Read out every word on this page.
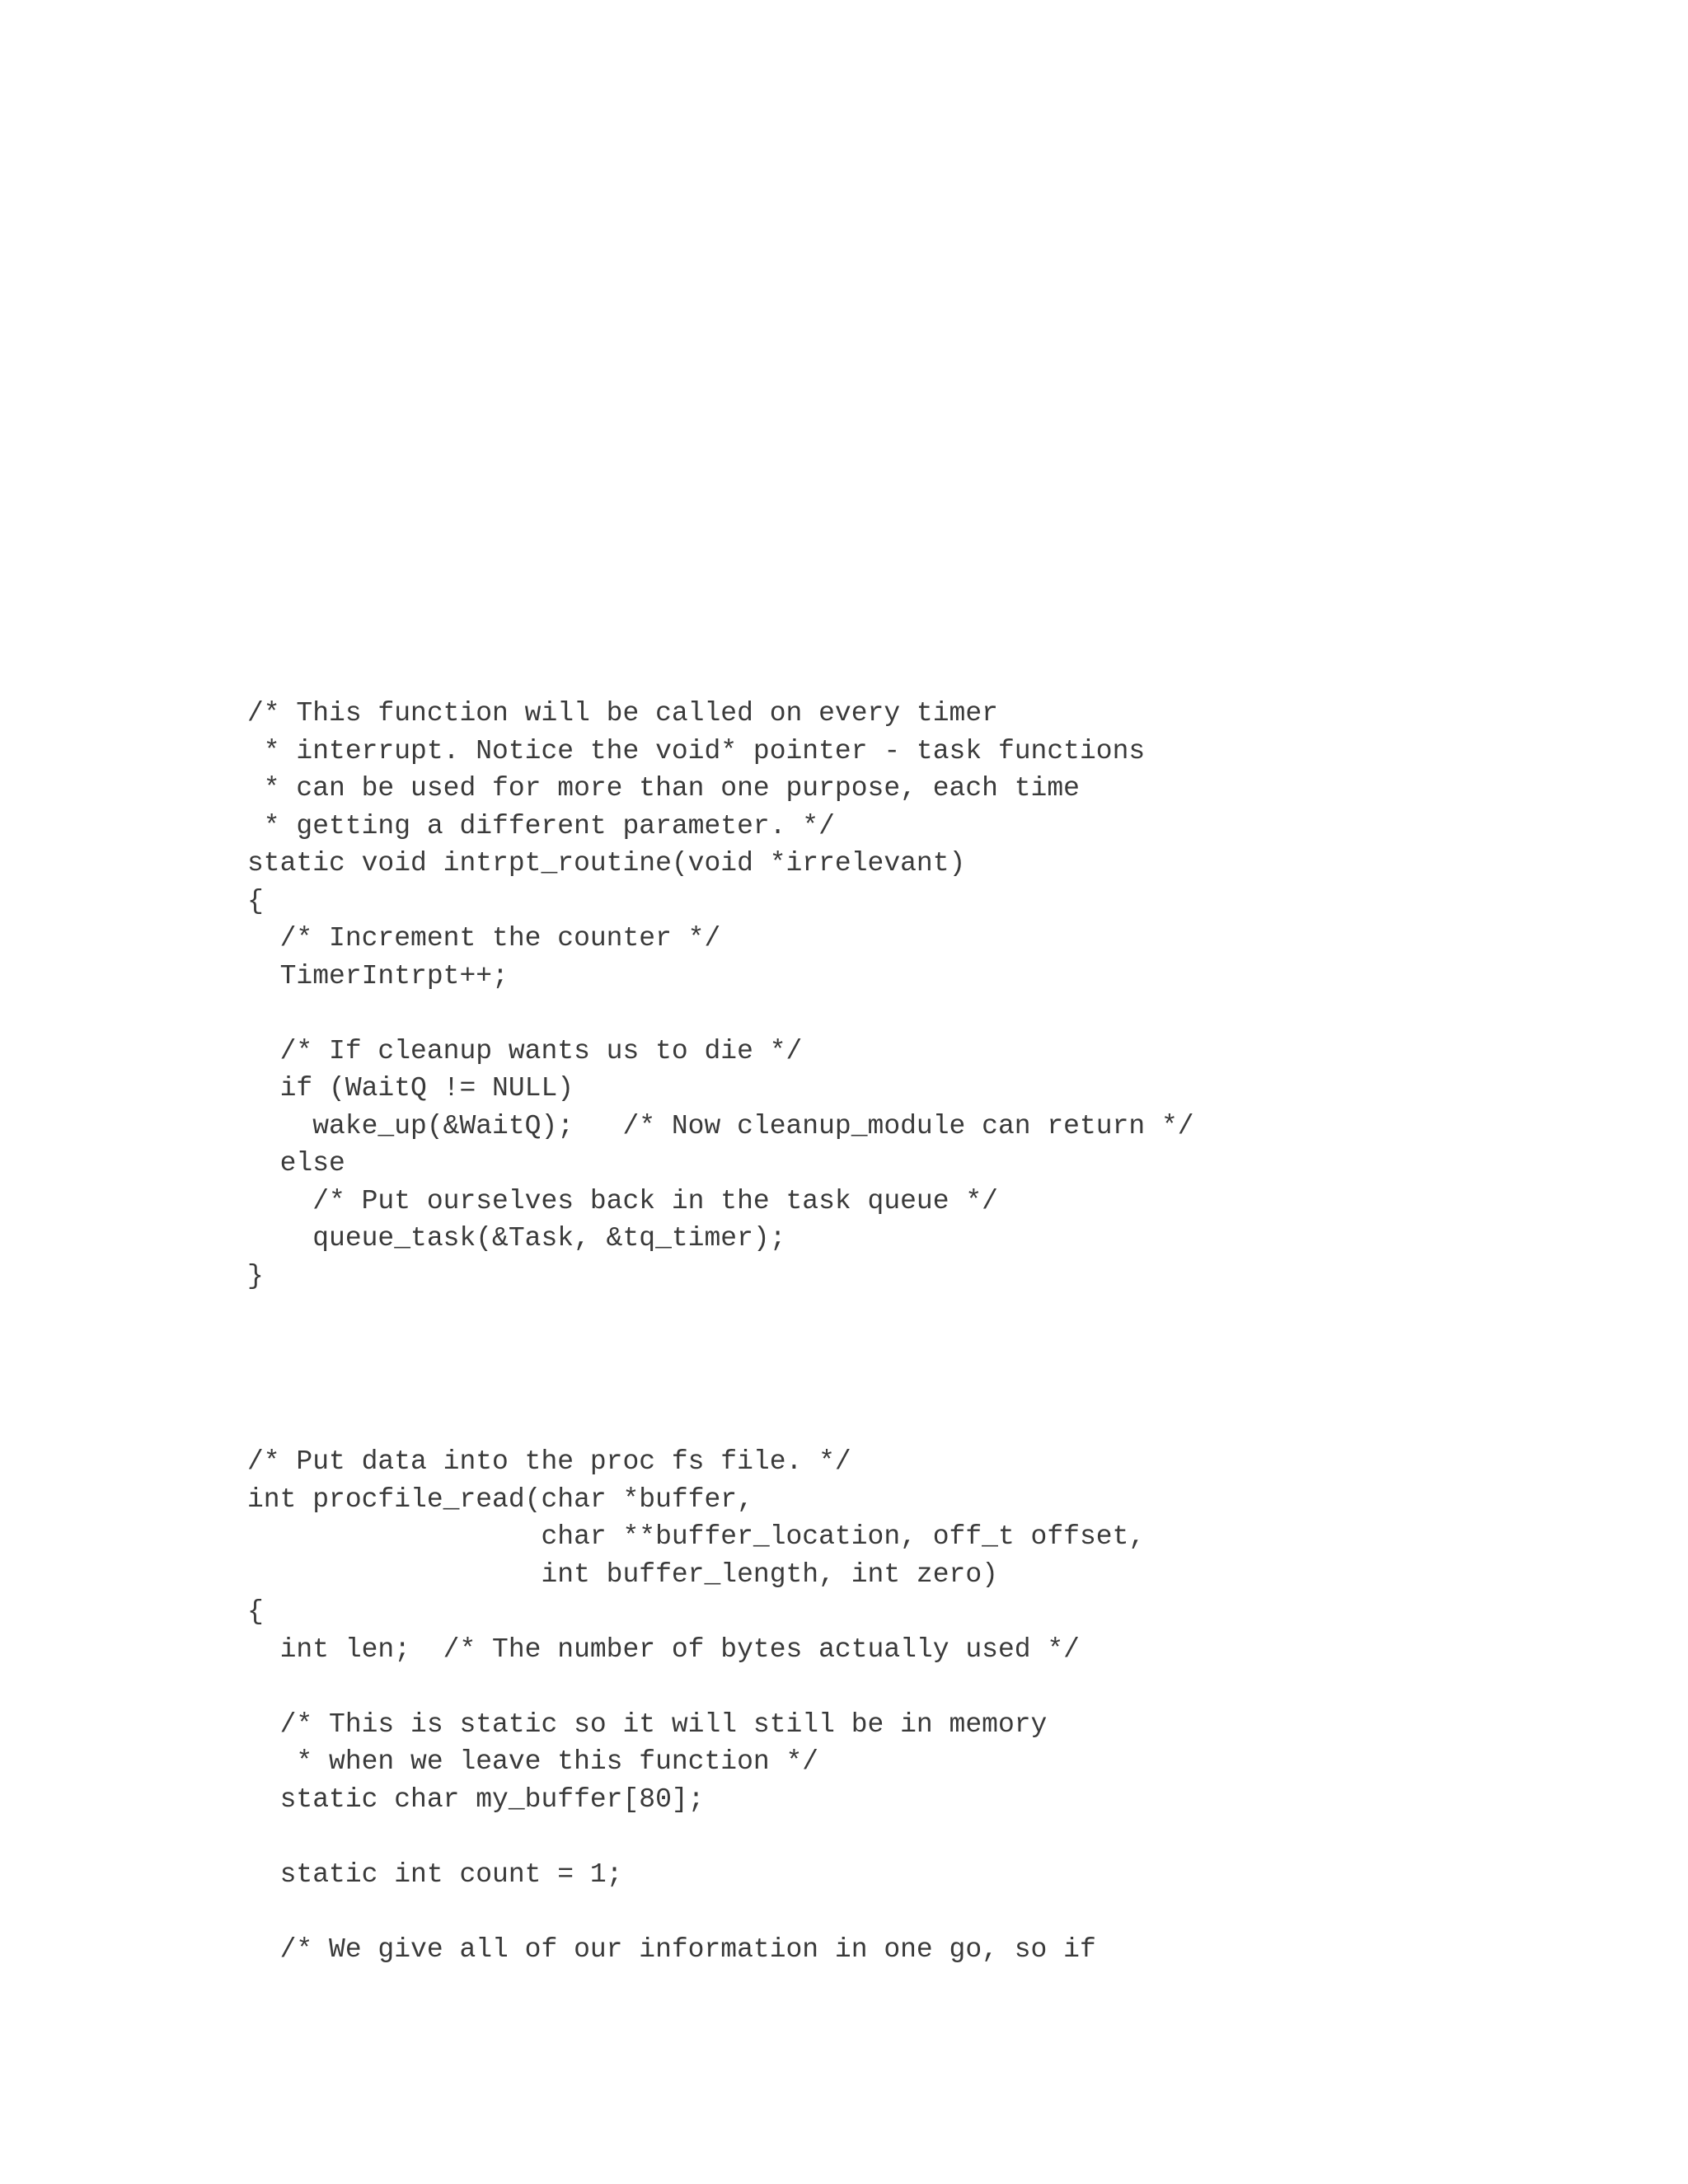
/* This function will be called on every timer
* interrupt. Notice the void* pointer - task functions
* can be used for more than one purpose, each time
* getting a different parameter. */
static void intrpt_routine(void *irrelevant)
{
/* Increment the counter */
TimerIntrpt++;
/* If cleanup wants us to die */
if (WaitQ != NULL)
wake_up(&WaitQ);   /* Now cleanup_module can return */
else
/* Put ourselves back in the task queue */
queue_task(&Task, &tq_timer);
}
/* Put data into the proc fs file. */
int procfile_read(char *buffer,
char **buffer_location, off_t offset,
int buffer_length, int zero)
{
int len;  /* The number of bytes actually used */
/* This is static so it will still be in memory
* when we leave this function */
static char my_buffer[80];
static int count = 1;
/* We give all of our information in one go, so if
